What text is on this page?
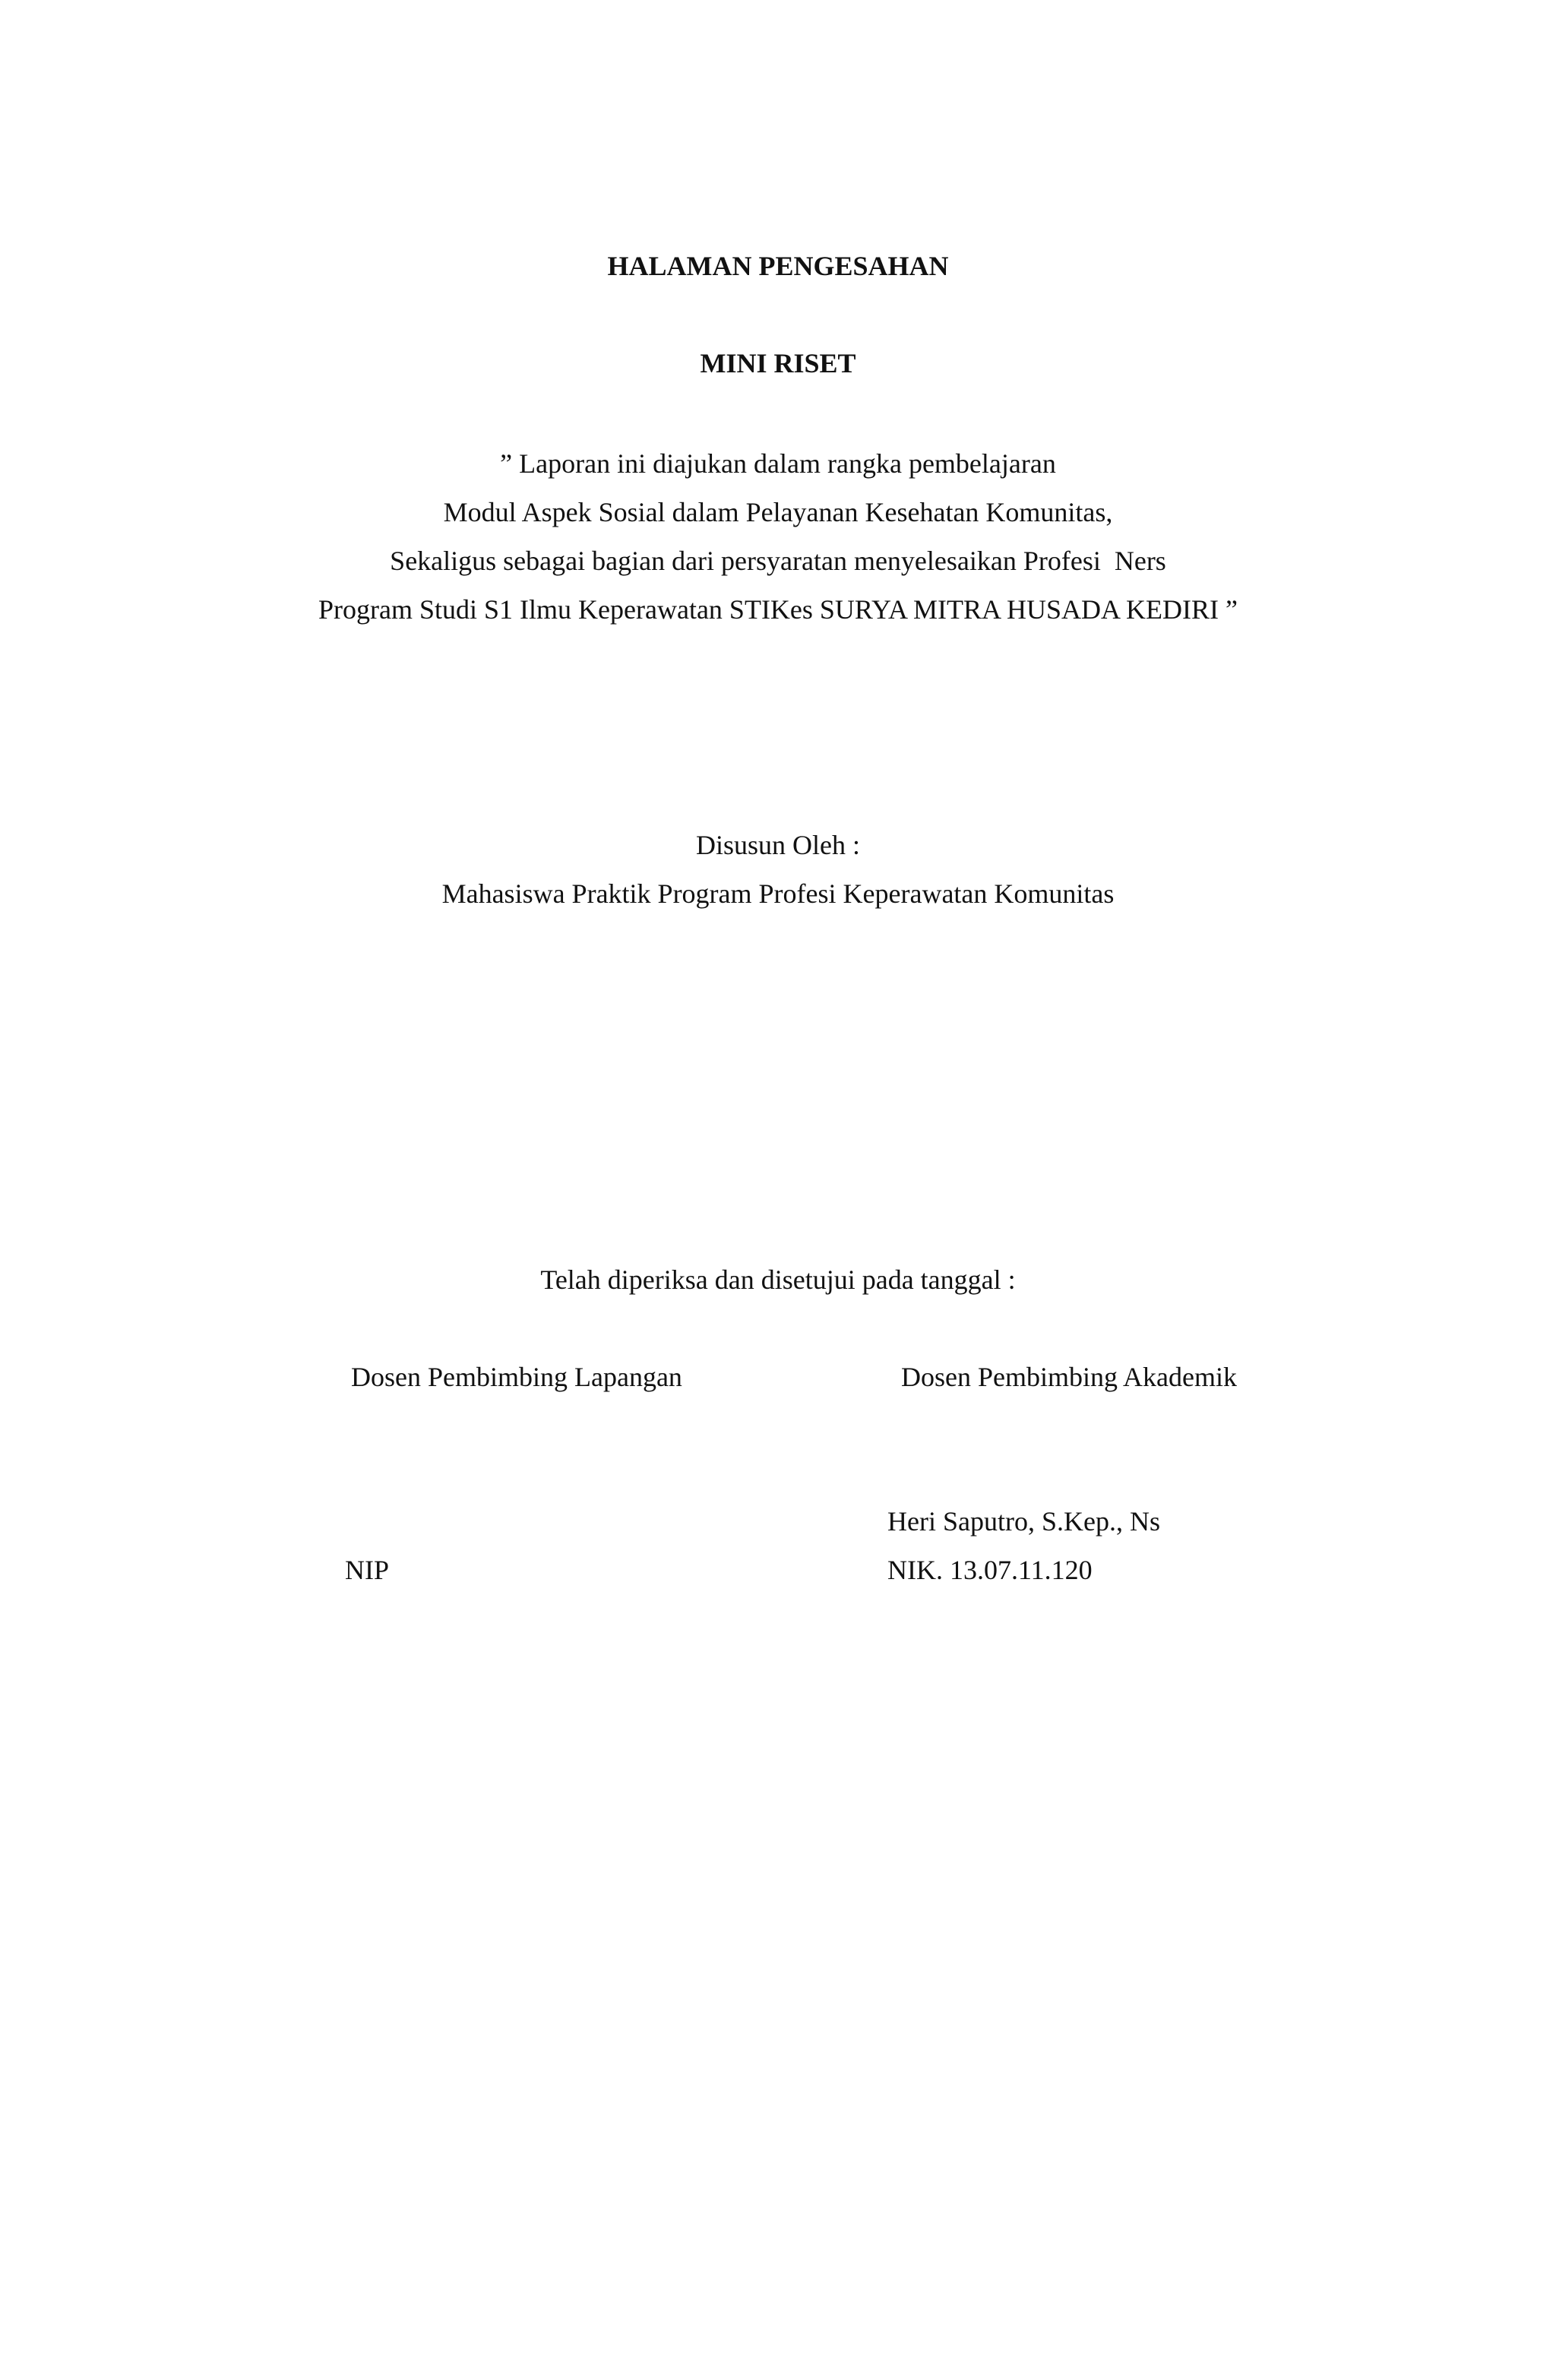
HALAMAN PENGESAHAN
MINI RISET
” Laporan ini diajukan dalam rangka pembelajaran
Modul Aspek Sosial dalam Pelayanan Kesehatan Komunitas,
Sekaligus sebagai bagian dari persyaratan menyelesaikan Profesi  Ners
Program Studi S1 Ilmu Keperawatan STIKes SURYA MITRA HUSADA KEDIRI ”
Disusun Oleh :
Mahasiswa Praktik Program Profesi Keperawatan Komunitas
Telah diperiksa dan disetujui pada tanggal :
Dosen Pembimbing Lapangan	Dosen Pembimbing Akademik
Heri Saputro, S.Kep., Ns
NIP	NIK. 13.07.11.120
